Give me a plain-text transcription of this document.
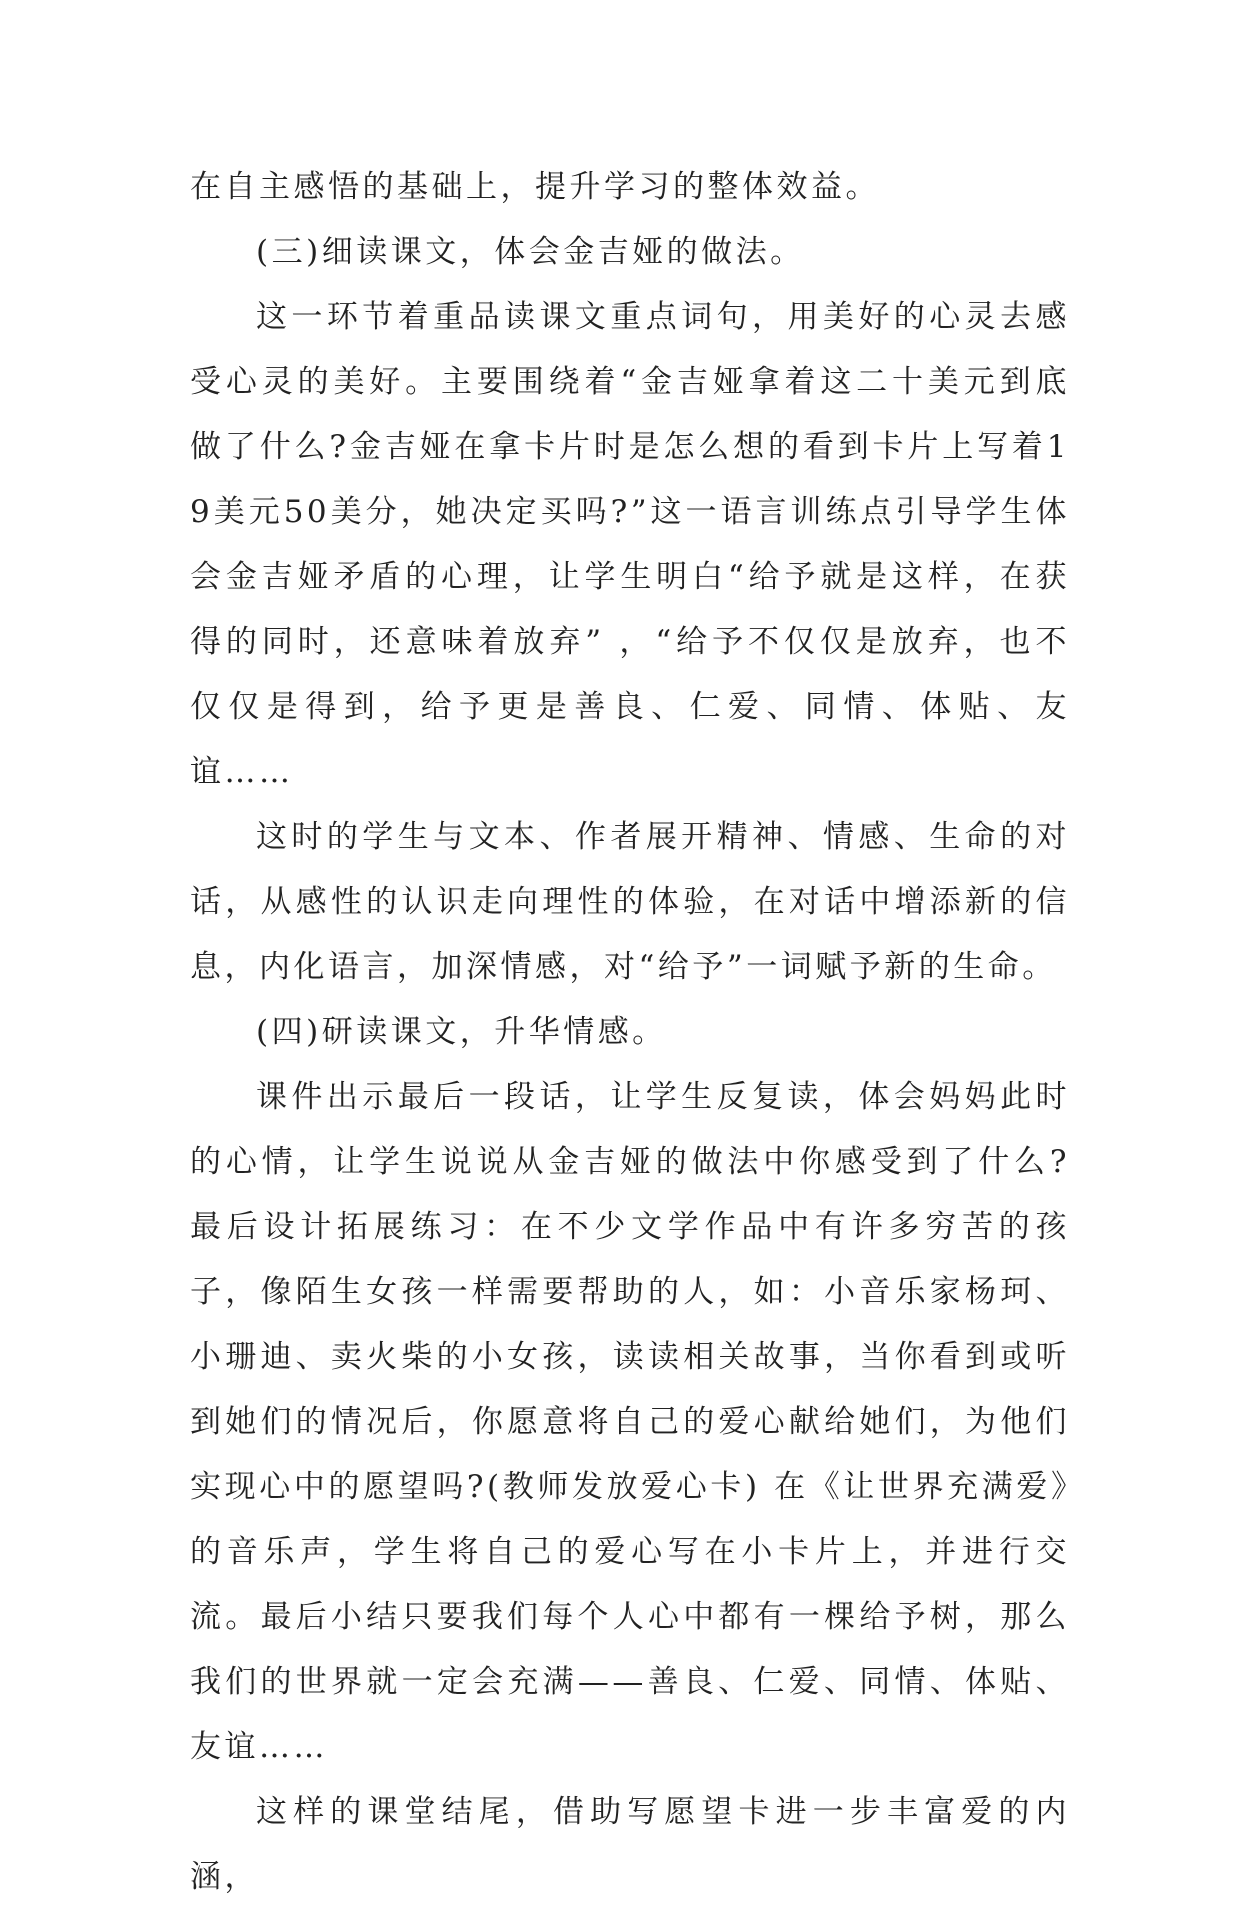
在自主感悟的基础上，提升学习的整体效益。

(三)细读课文，体会金吉娅的做法。

这一环节着重品读课文重点词句，用美好的心灵去感受心灵的美好。主要围绕着“金吉娅拿着这二十美元到底做了什么?金吉娅在拿卡片时是怎么想的看到卡片上写着19美元50美分，她决定买吗?”这一语言训练点引导学生体会金吉娅矛盾的心理，让学生明白“给予就是这样，在获得的同时，还意味着放弃” ，“给予不仅仅是放弃，也不仅仅是得到，给予更是善良、仁爱、同情、体贴、友谊……

这时的学生与文本、作者展开精神、情感、生命的对话，从感性的认识走向理性的体验，在对话中增添新的信息，内化语言，加深情感，对“给予”一词赋予新的生命。

(四)研读课文，升华情感。

课件出示最后一段话，让学生反复读，体会妈妈此时的心情，让学生说说从金吉娅的做法中你感受到了什么?最后设计拓展练习：在不少文学作品中有许多穷苦的孩子，像陌生女孩一样需要帮助的人，如：小音乐家杨珂、小珊迪、卖火柴的小女孩，读读相关故事，当你看到或听到她们的情况后，你愿意将自己的爱心献给她们，为他们实现心中的愿望吗?(教师发放爱心卡) 在《让世界充满爱》的音乐声，学生将自己的爱心写在小卡片上，并进行交流。最后小结只要我们每个人心中都有一棵给予树，那么我们的世界就一定会充满——善良、仁爱、同情、体贴、友谊……

这样的课堂结尾，借助写愿望卡进一步丰富爱的内涵，
